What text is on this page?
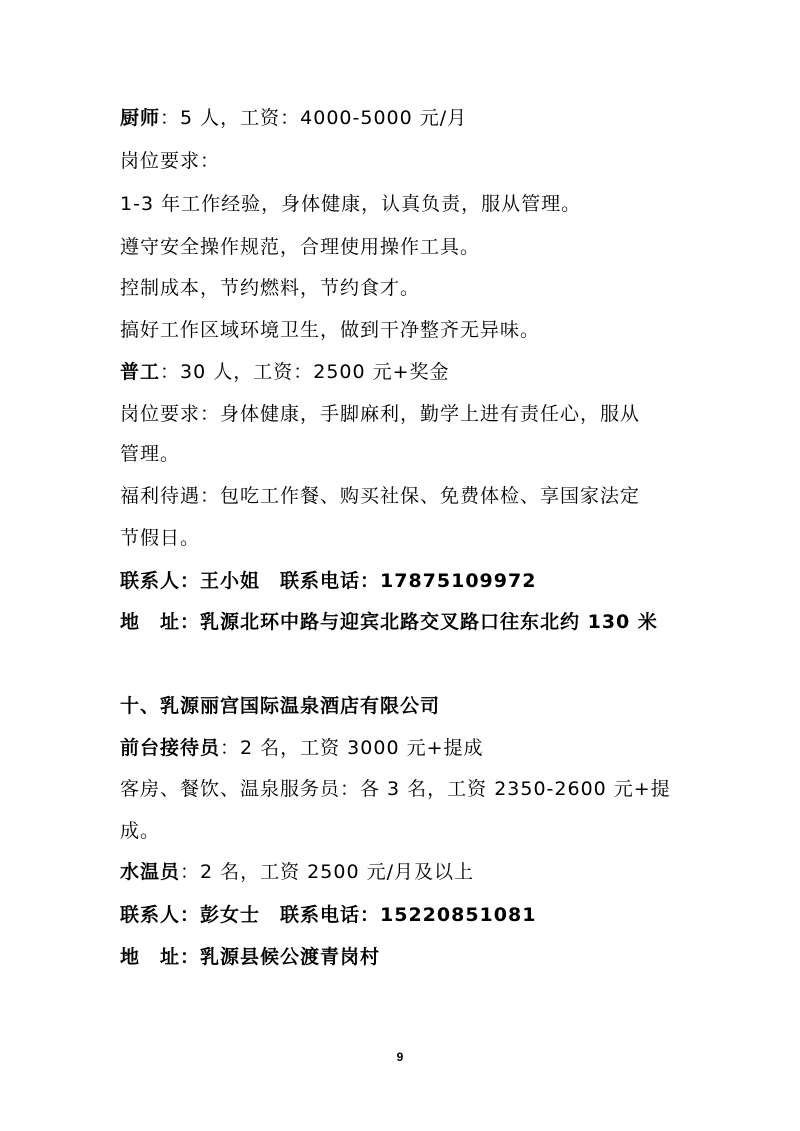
厨师：5 人，工资：4000-5000 元/月
岗位要求：
1-3 年工作经验，身体健康，认真负责，服从管理。
遵守安全操作规范，合理使用操作工具。
控制成本，节约燃料，节约食才。
搞好工作区域环境卫生，做到干净整齐无异味。
普工：30 人，工资：2500 元+奖金
岗位要求：身体健康，手脚麻利，勤学上进有责任心，服从
管理。
福利待遇：包吃工作餐、购买社保、免费体检、享国家法定
节假日。
联系人：王小姐　联系电话：17875109972
地　址：乳源北环中路与迎宾北路交叉路口往东北约 130 米
十、乳源丽宫国际温泉酒店有限公司
前台接待员：2 名，工资 3000 元+提成
客房、餐饮、温泉服务员：各 3 名，工资 2350-2600 元+提
成。
水温员：2 名，工资 2500 元/月及以上
联系人：彭女士　联系电话：15220851081
地　址：乳源县候公渡青岗村
9
